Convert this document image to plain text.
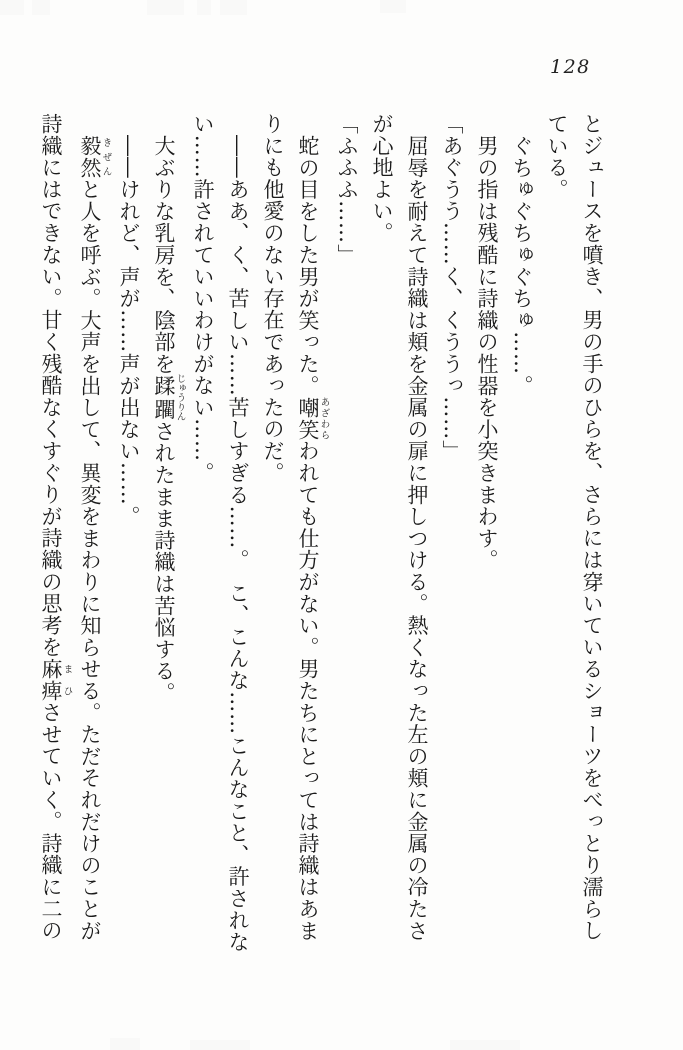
128
とジュースを噴き、男の手のひらを、さらには穿いているショーツをべっとり濡らし
ている。
ぐちゅぐちゅぐちゅ……。
男の指は残酷に詩織の性器を小突きまわす。
「あぐうう……く、くううっ……」
屈辱を耐えて詩織は頬を金属の扉に押しつける。熱くなった左の頬に金属の冷たさ
が心地よい。
「ふふふ……」
蛇の目をした男が笑った。嘲笑あざわらわれても仕方がない。男たちにとっては詩織はあま
りにも他愛のない存在であったのだ。
――ああ、く、苦しい……苦しすぎる……。　こ、こんな……こんなこと、許されな
い……許されていいわけがない……。
大ぶりな乳房を、陰部を蹂躙じゅうりんされたまま詩織は苦悩する。
――けれど、声が……声が出ない……。
毅然きぜんと人を呼ぶ。大声を出して、異変をまわりに知らせる。ただそれだけのことが
詩織にはできない。甘く残酷なくすぐりが詩織の思考を麻痺まひさせていく。詩織に二の
